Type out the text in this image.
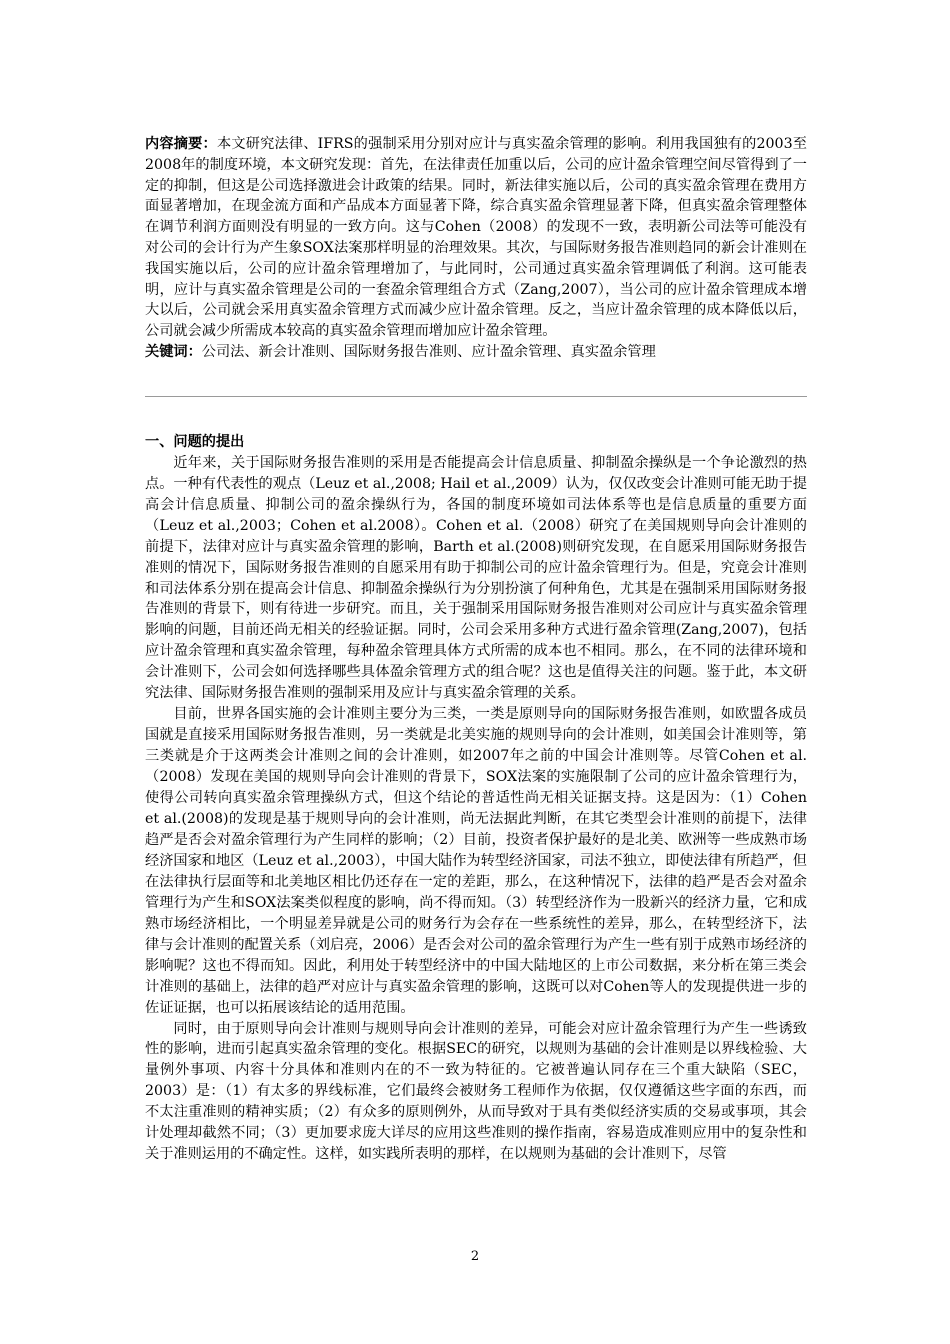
内容摘要：本文研究法律、IFRS的强制采用分别对应计与真实盈余管理的影响。利用我国独有的2003至2008年的制度环境，本文研究发现：首先，在法律责任加重以后，公司的应计盈余管理空间尽管得到了一定的抑制，但这是公司选择激进会计政策的结果。同时，新法律实施以后，公司的真实盈余管理在费用方面显著增加，在现金流方面和产品成本方面显著下降，综合真实盈余管理显著下降，但真实盈余管理整体在调节利润方面则没有明显的一致方向。这与Cohen（2008）的发现不一致，表明新公司法等可能没有对公司的会计行为产生象SOX法案那样明显的治理效果。其次，与国际财务报告准则趋同的新会计准则在我国实施以后，公司的应计盈余管理增加了，与此同时，公司通过真实盈余管理调低了利润。这可能表明，应计与真实盈余管理是公司的一套盈余管理组合方式（Zang,2007），当公司的应计盈余管理成本增大以后，公司就会采用真实盈余管理方式而减少应计盈余管理。反之，当应计盈余管理的成本降低以后，公司就会减少所需成本较高的真实盈余管理而增加应计盈余管理。

关键词：公司法、新会计准则、国际财务报告准则、应计盈余管理、真实盈余管理

一、问题的提出

近年来，关于国际财务报告准则的采用是否能提高会计信息质量、抑制盈余操纵是一个争论激烈的热点。一种有代表性的观点（Leuz et al.,2008; Hail et al.,2009）认为，仅仅改变会计准则可能无助于提高会计信息质量、抑制公司的盈余操纵行为，各国的制度环境如司法体系等也是信息质量的重要方面（Leuz et al.,2003；Cohen et al.2008）。Cohen et al.（2008）研究了在美国规则导向会计准则的前提下，法律对应计与真实盈余管理的影响，Barth et al.(2008)则研究发现，在自愿采用国际财务报告准则的情况下，国际财务报告准则的自愿采用有助于抑制公司的应计盈余管理行为。但是，究竟会计准则和司法体系分别在提高会计信息、抑制盈余操纵行为分别扮演了何种角色，尤其是在强制采用国际财务报告准则的背景下，则有待进一步研究。而且，关于强制采用国际财务报告准则对公司应计与真实盈余管理影响的问题，目前还尚无相关的经验证据。同时，公司会采用多种方式进行盈余管理(Zang,2007)，包括应计盈余管理和真实盈余管理，每种盈余管理具体方式所需的成本也不相同。那么，在不同的法律环境和会计准则下，公司会如何选择哪些具体盈余管理方式的组合呢？这也是值得关注的问题。鉴于此，本文研究法律、国际财务报告准则的强制采用及应计与真实盈余管理的关系。

目前，世界各国实施的会计准则主要分为三类，一类是原则导向的国际财务报告准则，如欧盟各成员国就是直接采用国际财务报告准则，另一类就是北美实施的规则导向的会计准则，如美国会计准则等，第三类就是介于这两类会计准则之间的会计准则，如2007年之前的中国会计准则等。尽管Cohen et al.（2008）发现在美国的规则导向会计准则的背景下，SOX法案的实施限制了公司的应计盈余管理行为，使得公司转向真实盈余管理操纵方式，但这个结论的普适性尚无相关证据支持。这是因为：（1）Cohen et al.(2008)的发现是基于规则导向的会计准则，尚无法据此判断，在其它类型会计准则的前提下，法律趋严是否会对盈余管理行为产生同样的影响；（2）目前，投资者保护最好的是北美、欧洲等一些成熟市场经济国家和地区（Leuz et al.,2003），中国大陆作为转型经济国家，司法不独立，即使法律有所趋严，但在法律执行层面等和北美地区相比仍还存在一定的差距，那么，在这种情况下，法律的趋严是否会对盈余管理行为产生和SOX法案类似程度的影响，尚不得而知。（3）转型经济作为一股新兴的经济力量，它和成熟市场经济相比，一个明显差异就是公司的财务行为会存在一些系统性的差异，那么，在转型经济下，法律与会计准则的配置关系（刘启亮，2006）是否会对公司的盈余管理行为产生一些有别于成熟市场经济的影响呢？这也不得而知。因此，利用处于转型经济中的中国大陆地区的上市公司数据，来分析在第三类会计准则的基础上，法律的趋严对应计与真实盈余管理的影响，这既可以对Cohen等人的发现提供进一步的佐证证据，也可以拓展该结论的适用范围。

同时，由于原则导向会计准则与规则导向会计准则的差异，可能会对应计盈余管理行为产生一些诱致性的影响，进而引起真实盈余管理的变化。根据SEC的研究，以规则为基础的会计准则是以界线检验、大量例外事项、内容十分具体和准则内在的不一致为特征的。它被普遍认同存在三个重大缺陷（SEC，2003）是：（1）有太多的界线标准，它们最终会被财务工程师作为依据，仅仅遵循这些字面的东西，而不太注重准则的精神实质；（2）有众多的原则例外，从而导致对于具有类似经济实质的交易或事项，其会计处理却截然不同；（3）更加要求庞大详尽的应用这些准则的操作指南，容易造成准则应用中的复杂性和关于准则运用的不确定性。这样，如实践所表明的那样，在以规则为基础的会计准则下，尽管

2
